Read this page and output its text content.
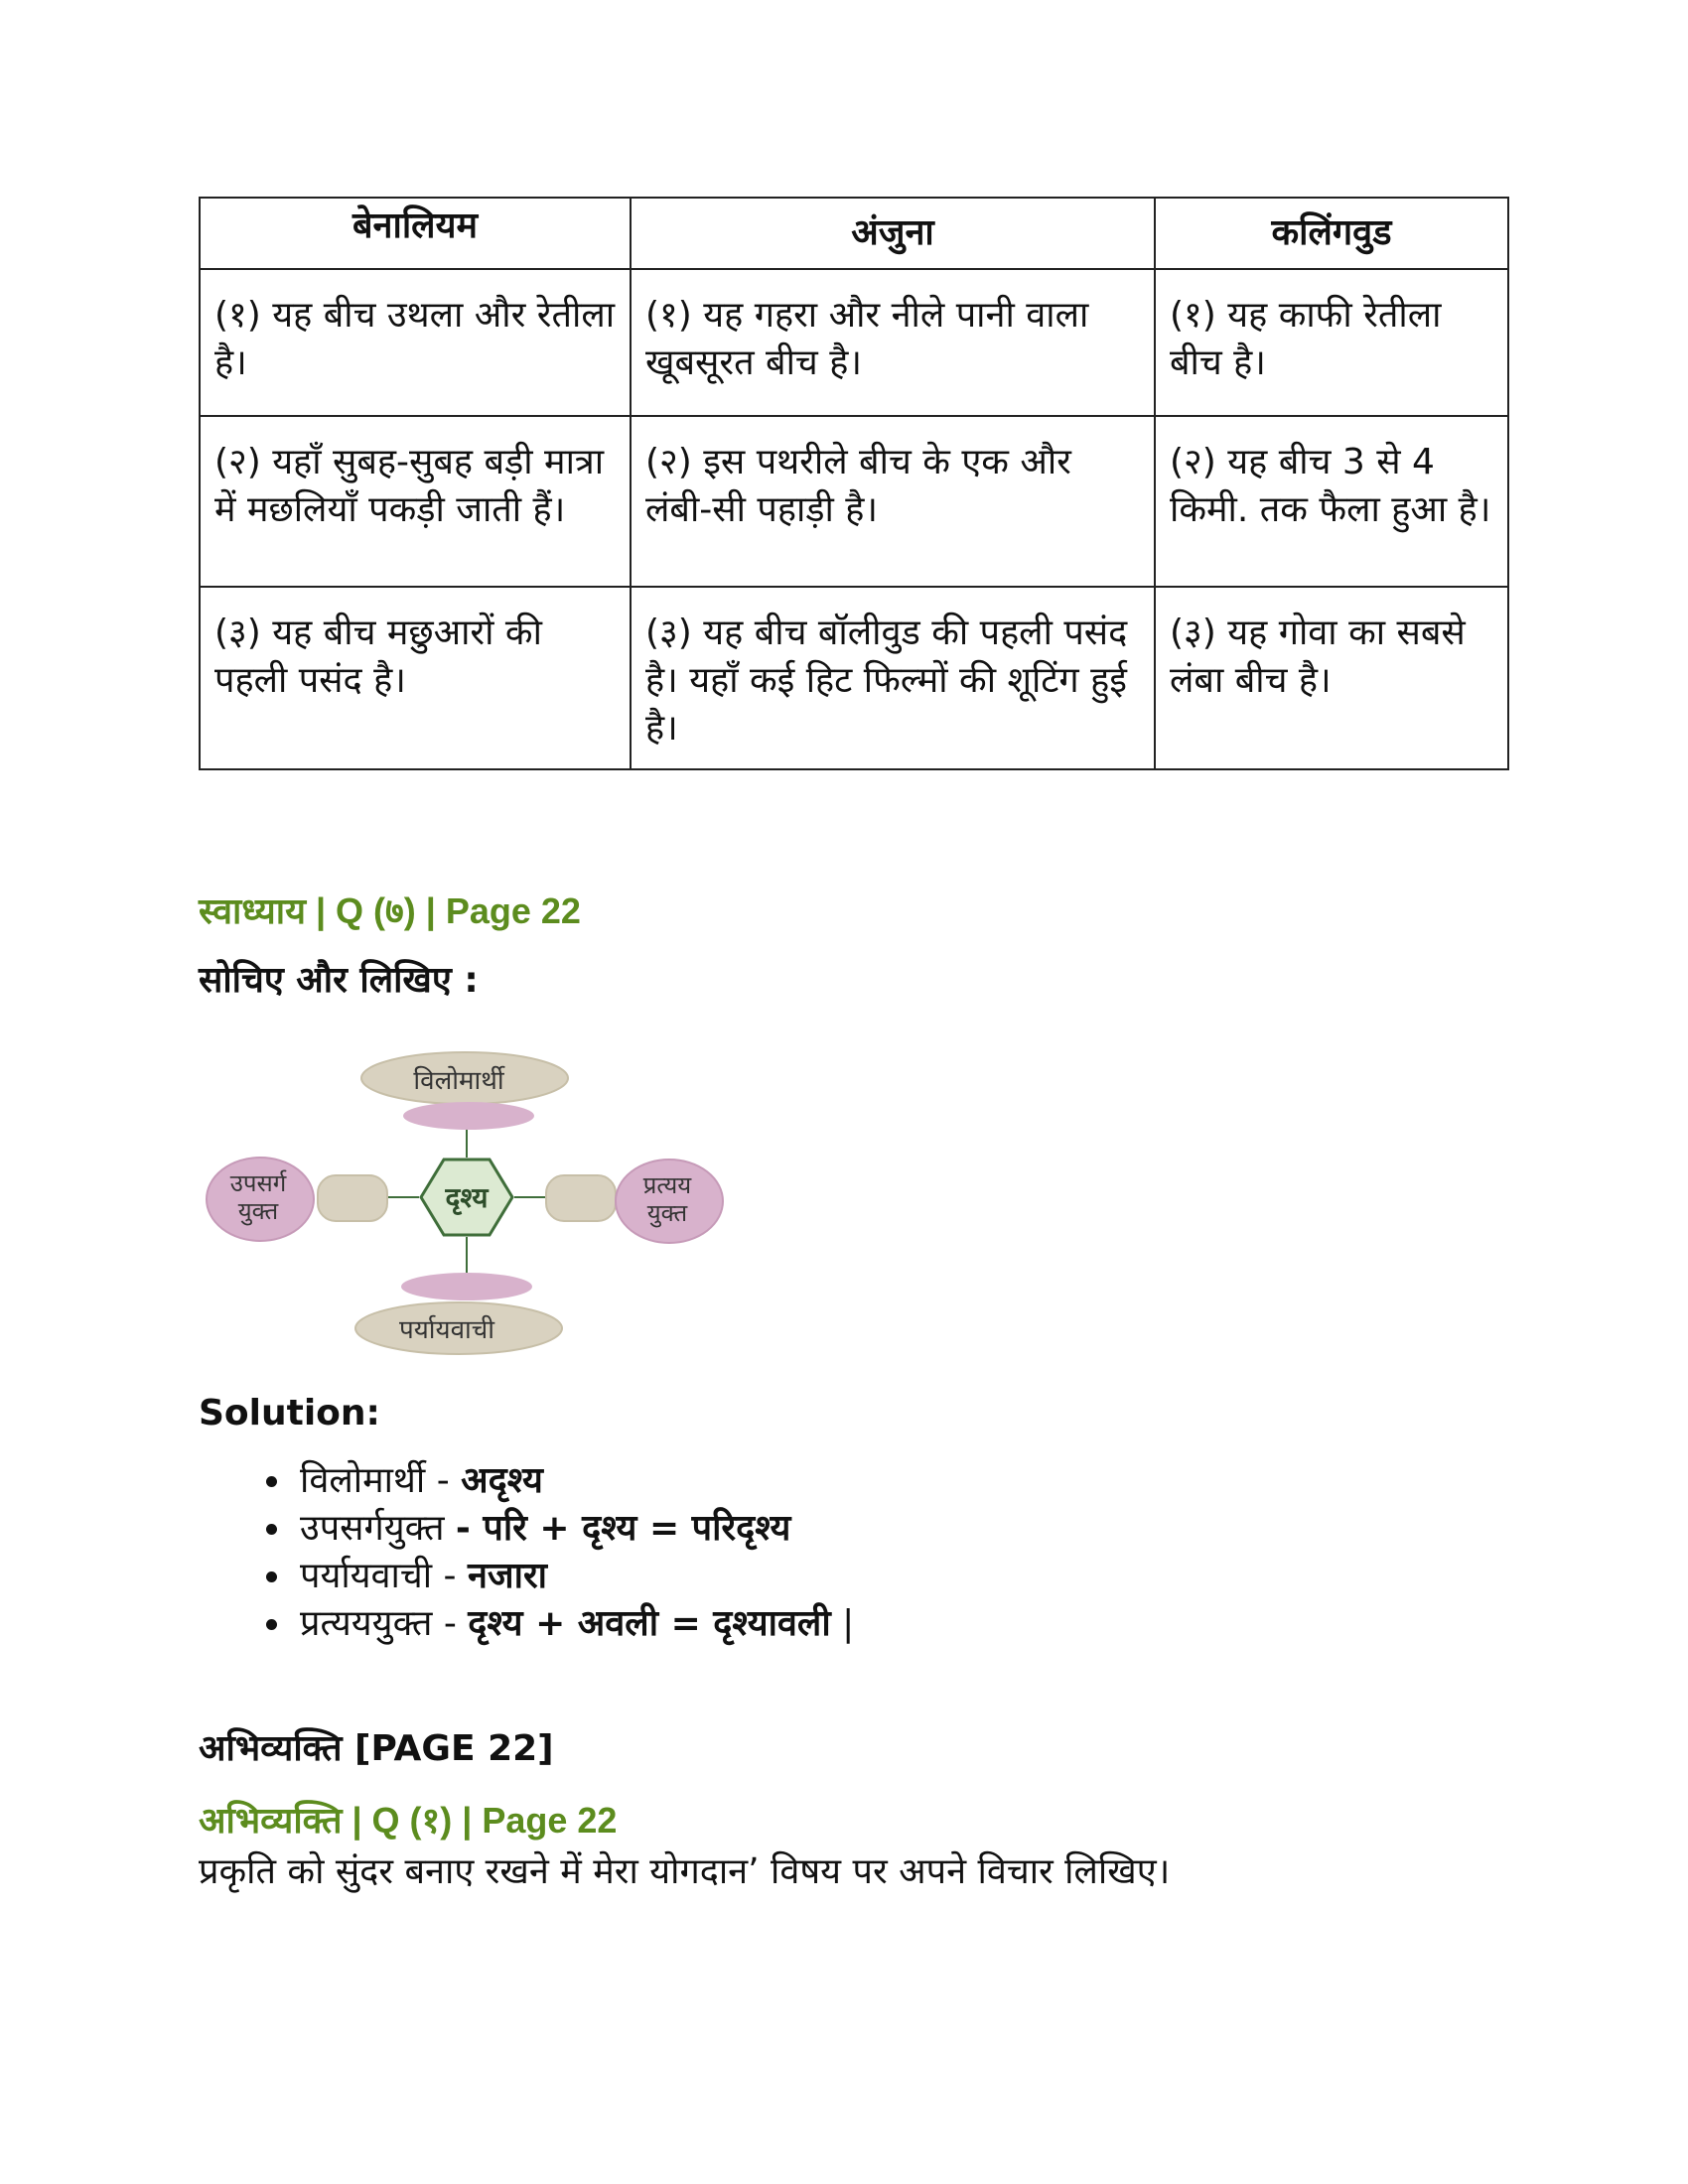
बेनालियम	अंजुना	कलिंगवुड
(१) यह बीच उथला और रेतीला है।	(१) यह गहरा और नीले पानी वाला खूबसूरत बीच है।	(१) यह काफी रेतीला बीच है।
(२) यहाँ सुबह-सुबह बड़ी मात्रा में मछलियाँ पकड़ी जाती हैं।	(२) इस पथरीले बीच के एक और लंबी-सी पहाड़ी है।	(२) यह बीच 3 से 4 किमी. तक फैला हुआ है।
(३) यह बीच मछुआरों की पहली पसंद है।	(३) यह बीच बॉलीवुड की पहली पसंद है। यहाँ कई हिट फिल्मों की शूटिंग हुई है।	(३) यह गोवा का सबसे लंबा बीच है।
स्वाध्याय | Q (७) | Page 22
सोचिए और लिखिए :
विलोमार्थी
पर्यायवाची
उपसर्ग
युक्त
प्रत्यय
युक्त
दृश्य
Solution:
• विलोमार्थी - अदृश्य
• उपसर्गयुक्त - परि + दृश्य = परिदृश्य
• पर्यायवाची - नजारा
• प्रत्यययुक्त - दृश्य + अवली = दृश्यावली |
अभिव्यक्ति [PAGE 22]
अभिव्यक्ति | Q (१) | Page 22
प्रकृति को सुंदर बनाए रखने में मेरा योगदान’ विषय पर अपने विचार लिखिए।
